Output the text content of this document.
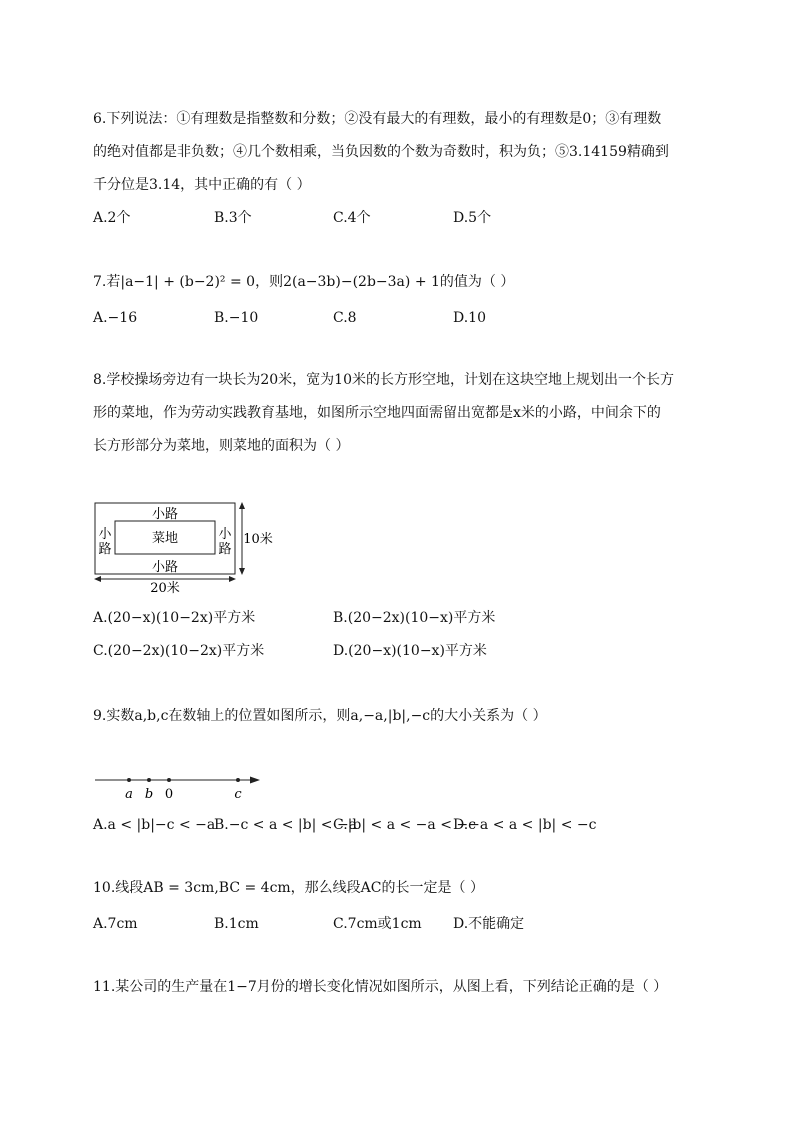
6.下列说法：①有理数是指整数和分数；②没有最大的有理数，最小的有理数是0；③有理数
的绝对值都是非负数；④几个数相乘，当负因数的个数为奇数时，积为负；⑤3.14159精确到
千分位是3.14，其中正确的有（ ）
A.2个	B.3个	C.4个	D.5个
7.若|a−1| + (b−2)² = 0，则2(a−3b)−(2b−3a) + 1的值为（ ）
A.−16	B.−10	C.8	D.10
8.学校操场旁边有一块长为20米，宽为10米的长方形空地，计划在这块空地上规划出一个长方
形的菜地，作为劳动实践教育基地，如图所示空地四面需留出宽都是x米的小路，中间余下的
长方形部分为菜地，则菜地的面积为（ ）
小路
小路
小
路
小
路
菜地	10米
20米
A.(20−x)(10−2x)平方米	B.(20−2x)(10−x)平方米
C.(20−2x)(10−2x)平方米	D.(20−x)(10−x)平方米
9.实数a,b,c在数轴上的位置如图所示，则a,−a,|b|,−c的大小关系为（ ）
a b 0	c
A.a < |b|−c < −a
B.−c < a < |b| < −a
C.|b| < a < −a < −c
D.−a < a < |b| < −c
10.线段AB = 3cm,BC = 4cm，那么线段AC的长一定是（ ）
A.7cm	B.1cm	C.7cm或1cm D.不能确定
11.某公司的生产量在1−7月份的增长变化情况如图所示，从图上看，下列结论正确的是（ ）
